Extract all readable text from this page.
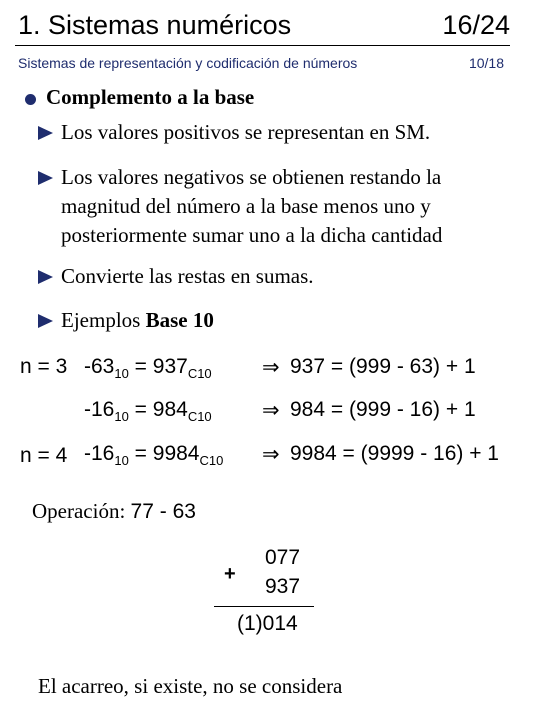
1. Sistemas numéricos	16/24
Sistemas de representación y codificación de números	10/18
Complemento a la base
Los valores positivos se representan en SM.
Los valores negativos se obtienen restando la magnitud del número a la base menos uno y posteriormente sumar uno a la dicha cantidad
Convierte las restas en sumas.
Ejemplos Base 10
n = 3 $-63_{10} = 937_{C10}$ ⇒ 937 = (999 - 63) + 1
$-16_{10} = 984_{C10}$ ⇒ 984 = (999 - 16) + 1
n = 4 $-16_{10} = 9984_{C10}$ ⇒ 9984 = (9999 - 16) + 1
Operación: 77 - 63
077
+
937
(1)014
El acarreo, si existe, no se considera
